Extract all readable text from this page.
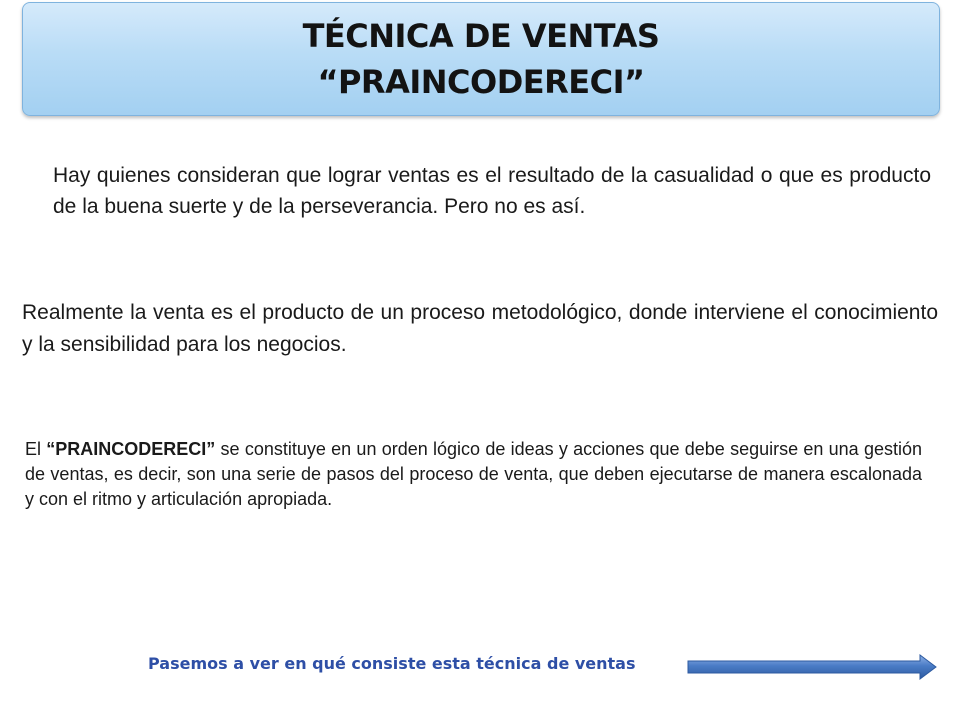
TÉCNICA DE VENTAS
“PRAINCODERECI”
Hay quienes consideran que lograr ventas es el resultado de la casualidad o que es producto de la buena suerte y de la perseverancia. Pero no es así.
Realmente la venta es el producto de un proceso metodológico, donde interviene el conocimiento y la sensibilidad para los negocios.
El “PRAINCODERECI” se constituye en un orden lógico de ideas y acciones que debe seguirse en una gestión de ventas, es decir, son una serie de pasos del proceso de venta, que deben ejecutarse de manera escalonada y con el ritmo y articulación apropiada.
Pasemos a ver en qué consiste esta técnica de ventas
